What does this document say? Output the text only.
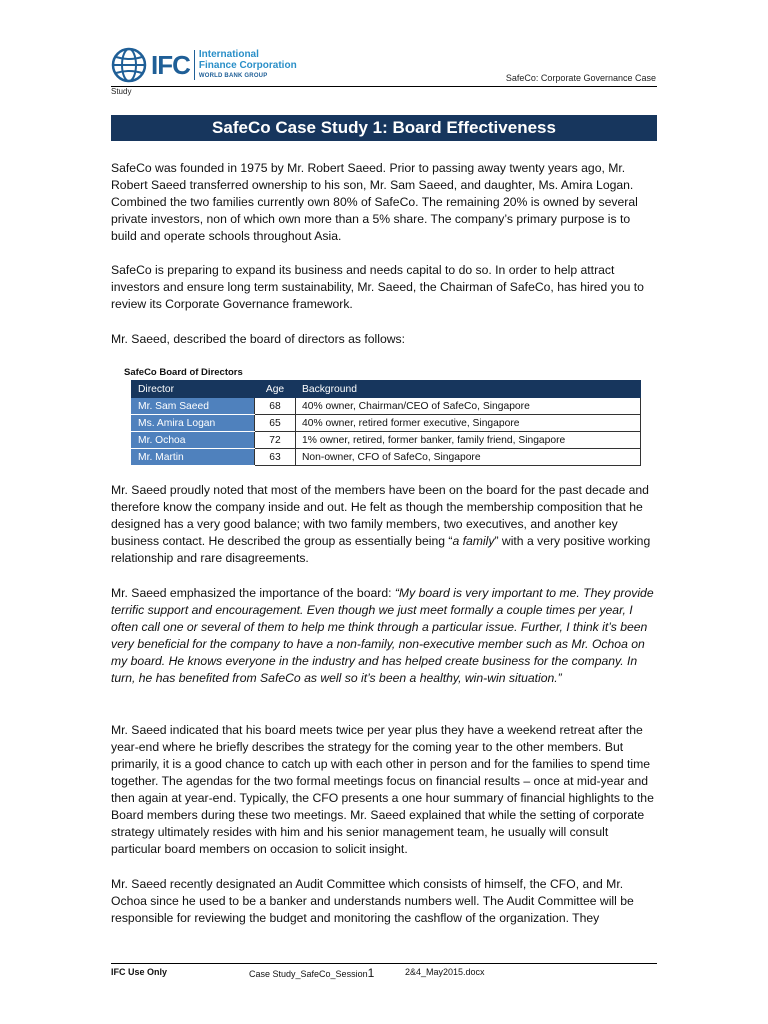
IFC International
Finance Corporation
WORLD BANK GROUP	SafeCo: Corporate Governance Case
Study
SafeCo Case Study 1: Board Effectiveness
SafeCo was founded in 1975 by Mr. Robert Saeed. Prior to passing away twenty years ago, Mr. Robert Saeed transferred ownership to his son, Mr. Sam Saeed, and daughter, Ms. Amira Logan. Combined the two families currently own 80% of SafeCo. The remaining 20% is owned by several private investors, non of which own more than a 5% share. The company’s primary purpose is to build and operate schools throughout Asia.
SafeCo is preparing to expand its business and needs capital to do so. In order to help attract investors and ensure long term sustainability, Mr. Saeed, the Chairman of SafeCo, has hired you to review its Corporate Governance framework.
Mr. Saeed, described the board of directors as follows:
SafeCo Board of Directors
Director	Age	Background
Mr. Sam Saeed	68	40% owner, Chairman/CEO of SafeCo, Singapore
Ms. Amira Logan	65	40% owner, retired former executive, Singapore
Mr. Ochoa	72	1% owner, retired, former banker, family friend, Singapore
Mr. Martin	63	Non-owner, CFO of SafeCo, Singapore
Mr. Saeed proudly noted that most of the members have been on the board for the past decade and therefore know the company inside and out. He felt as though the membership composition that he designed has a very good balance; with two family members, two executives, and another key business contact. He described the group as essentially being “a family” with a very positive working relationship and rare disagreements.
Mr. Saeed emphasized the importance of the board: “My board is very important to me. They provide terrific support and encouragement. Even though we just meet formally a couple times per year, I often call one or several of them to help me think through a particular issue. Further, I think it’s been very beneficial for the company to have a non-family, non-executive member such as Mr. Ochoa on my board. He knows everyone in the industry and has helped create business for the company. In turn, he has benefited from SafeCo as well so it’s been a healthy, win-win situation.”
Mr. Saeed indicated that his board meets twice per year plus they have a weekend retreat after the year-end where he briefly describes the strategy for the coming year to the other members. But primarily, it is a good chance to catch up with each other in person and for the families to spend time together. The agendas for the two formal meetings focus on financial results – once at mid-year and then again at year-end. Typically, the CFO presents a one hour summary of financial highlights to the Board members during these two meetings. Mr. Saeed explained that while the setting of corporate strategy ultimately resides with him and his senior management team, he usually will consult particular board members on occasion to solicit insight.
Mr. Saeed recently designated an Audit Committee which consists of himself, the CFO, and Mr. Ochoa since he used to be a banker and understands numbers well. The Audit Committee will be responsible for reviewing the budget and monitoring the cashflow of the organization. They
IFC Use Only	Case Study_SafeCo_Session1	2&4_May2015.docx
